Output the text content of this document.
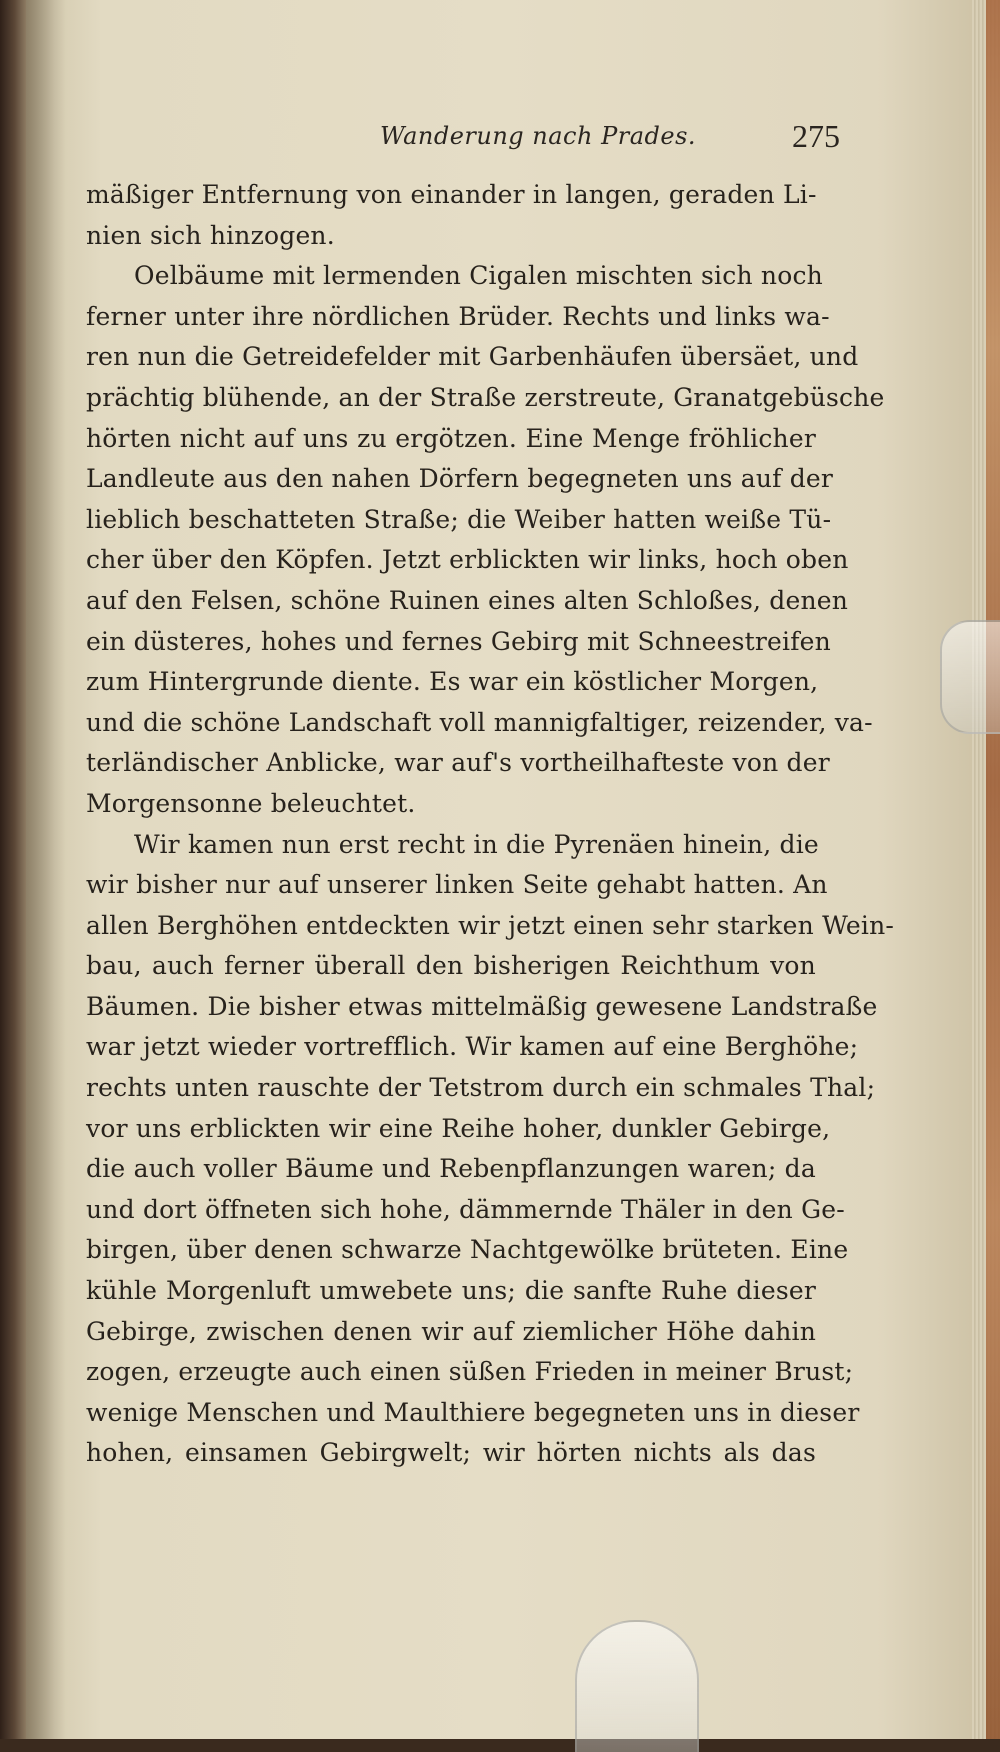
Wanderung nach Prades.	275
mäßiger Entfernung von einander in langen, geraden Li-
nien sich hinzogen.
Oelbäume mit lermenden Cigalen mischten sich noch
ferner unter ihre nördlichen Brüder. Rechts und links wa-
ren nun die Getreidefelder mit Garbenhäufen übersäet, und
prächtig blühende, an der Straße zerstreute, Granatgebüsche
hörten nicht auf uns zu ergötzen. Eine Menge fröhlicher
Landleute aus den nahen Dörfern begegneten uns auf der
lieblich beschatteten Straße; die Weiber hatten weiße Tü-
cher über den Köpfen. Jetzt erblickten wir links, hoch oben
auf den Felsen, schöne Ruinen eines alten Schloßes, denen
ein düsteres, hohes und fernes Gebirg mit Schneestreifen
zum Hintergrunde diente. Es war ein köstlicher Morgen,
und die schöne Landschaft voll mannigfaltiger, reizender, va-
terländischer Anblicke, war auf's vortheilhafteste von der
Morgensonne beleuchtet.
Wir kamen nun erst recht in die Pyrenäen hinein, die
wir bisher nur auf unserer linken Seite gehabt hatten. An
allen Berghöhen entdeckten wir jetzt einen sehr starken Wein-
bau, auch ferner überall den bisherigen Reichthum von
Bäumen. Die bisher etwas mittelmäßig gewesene Landstraße
war jetzt wieder vortrefflich. Wir kamen auf eine Berghöhe;
rechts unten rauschte der Tetstrom durch ein schmales Thal;
vor uns erblickten wir eine Reihe hoher, dunkler Gebirge,
die auch voller Bäume und Rebenpflanzungen waren; da
und dort öffneten sich hohe, dämmernde Thäler in den Ge-
birgen, über denen schwarze Nachtgewölke brüteten. Eine
kühle Morgenluft umwebete uns; die sanfte Ruhe dieser
Gebirge, zwischen denen wir auf ziemlicher Höhe dahin
zogen, erzeugte auch einen süßen Frieden in meiner Brust;
wenige Menschen und Maulthiere begegneten uns in dieser
hohen, einsamen Gebirgwelt; wir hörten nichts als das
